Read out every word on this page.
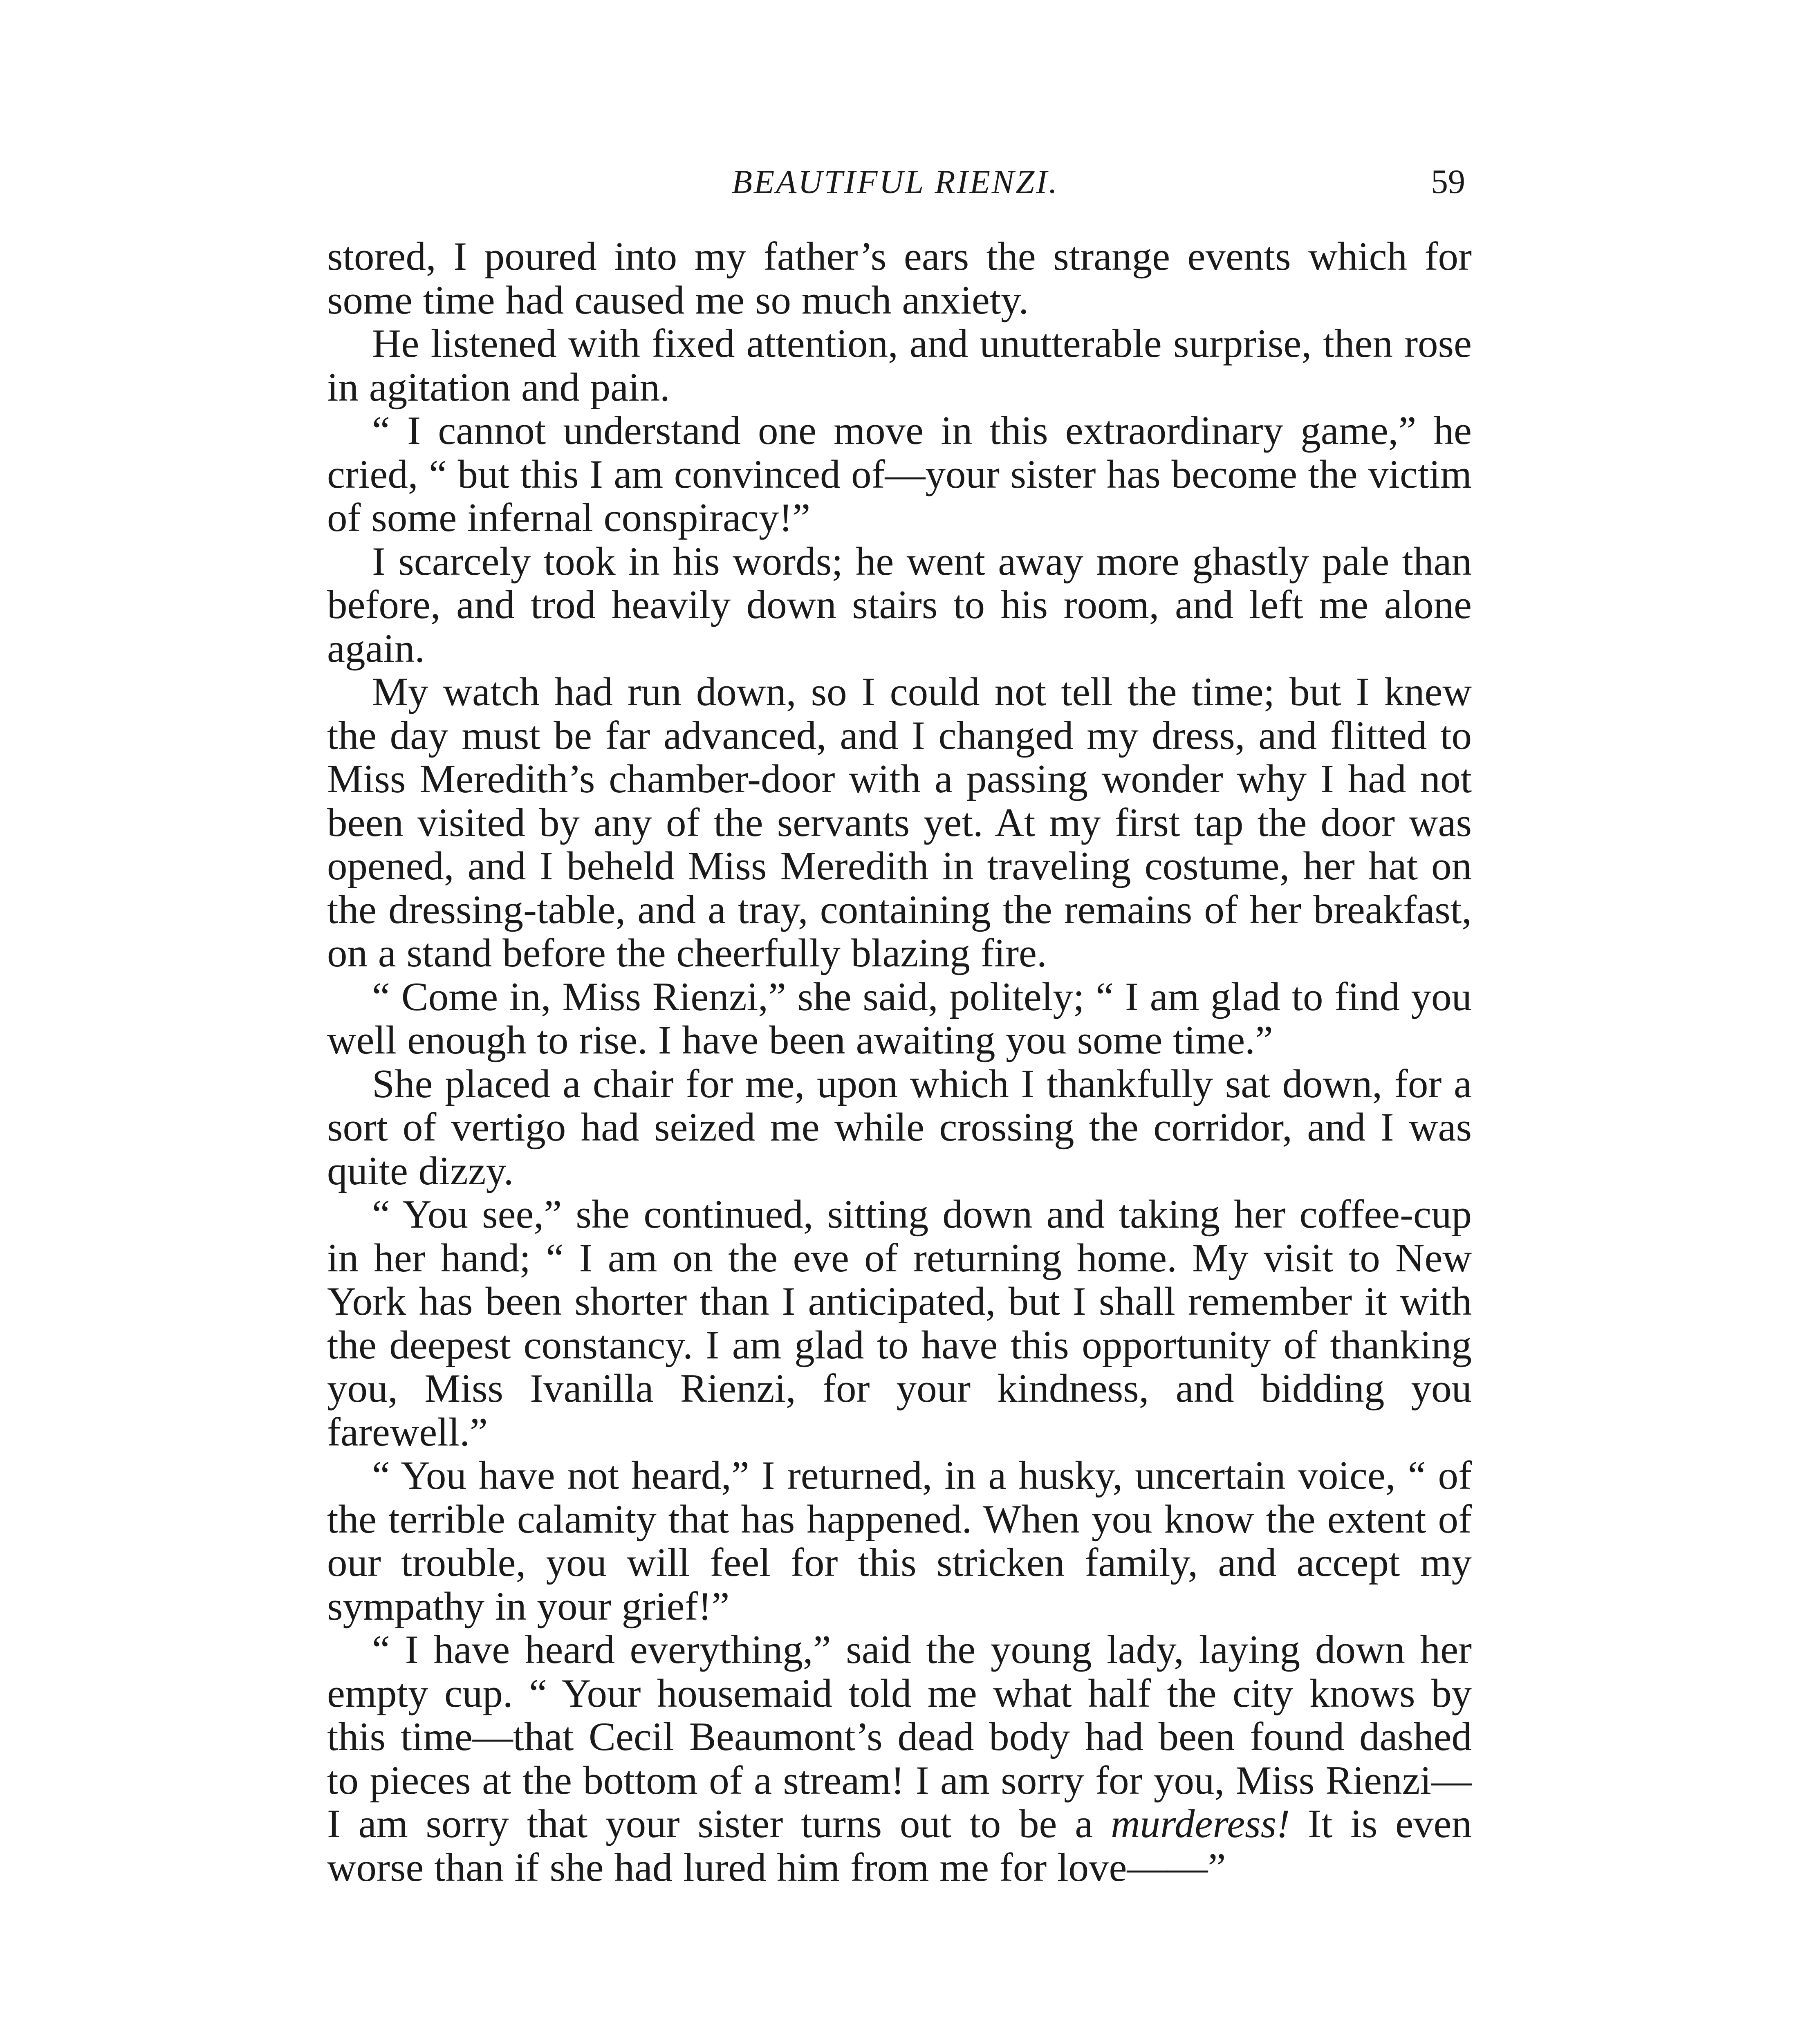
BEAUTIFUL RIENZI.	59

stored, I poured into my father’s ears the strange events which for some time had caused me so much anxiety.

He listened with fixed attention, and unutterable surprise, then rose in agitation and pain.

“ I cannot understand one move in this extraordinary game,” he cried, “ but this I am convinced of—your sister has become the victim of some infernal conspiracy!”

I scarcely took in his words; he went away more ghastly pale than before, and trod heavily down stairs to his room, and left me alone again.

My watch had run down, so I could not tell the time; but I knew the day must be far advanced, and I changed my dress, and flitted to Miss Meredith’s chamber-door with a passing wonder why I had not been visited by any of the servants yet. At my first tap the door was opened, and I beheld Miss Meredith in traveling costume, her hat on the dressing-table, and a tray, containing the remains of her breakfast, on a stand before the cheerfully blazing fire.

“ Come in, Miss Rienzi,” she said, politely; “ I am glad to find you well enough to rise. I have been awaiting you some time.”

She placed a chair for me, upon which I thankfully sat down, for a sort of vertigo had seized me while crossing the corridor, and I was quite dizzy.

“ You see,” she continued, sitting down and taking her coffee-cup in her hand; “ I am on the eve of returning home. My visit to New York has been shorter than I anticipated, but I shall remember it with the deepest constancy. I am glad to have this opportunity of thanking you, Miss Ivanilla Rienzi, for your kindness, and bidding you farewell.”

“ You have not heard,” I returned, in a husky, uncertain voice, “ of the terrible calamity that has happened. When you know the extent of our trouble, you will feel for this stricken family, and accept my sympathy in your grief!”

“ I have heard everything,” said the young lady, laying down her empty cup. “ Your housemaid told me what half the city knows by this time—that Cecil Beaumont’s dead body had been found dashed to pieces at the bottom of a stream! I am sorry for you, Miss Rienzi—I am sorry that your sister turns out to be a murderess! It is even worse than if she had lured him from me for love——”
